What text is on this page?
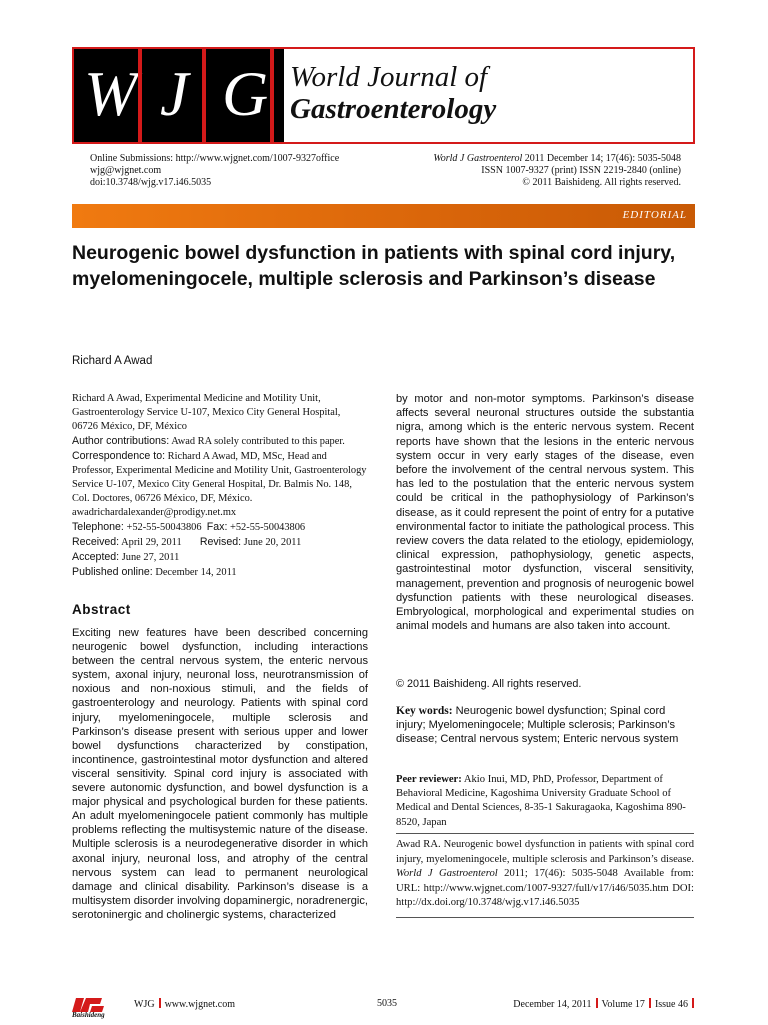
W J G World Journal of
Gastroenterology
Online Submissions: http://www.wjgnet.com/1007-9327office
wjg@wjgnet.com
doi:10.3748/wjg.v17.i46.5035
World J Gastroenterol 2011 December 14; 17(46): 5035-5048
ISSN 1007-9327 (print) ISSN 2219-2840 (online)
© 2011 Baishideng. All rights reserved.
EDITORIAL
Neurogenic bowel dysfunction in patients with spinal cord injury, myelomeningocele, multiple sclerosis and Parkinson’s disease
Richard A Awad

Richard A Awad, Experimental Medicine and Motility Unit, Gastroenterology Service U-107, Mexico City General Hospital, 06726 México, DF, México

Author contributions: Awad RA solely contributed to this paper.

Correspondence to: Richard A Awad, MD, MSc, Head and Professor, Experimental Medicine and Motility Unit, Gastroenterology Service U-107, Mexico City General Hospital, Dr. Balmis No. 148, Col. Doctores, 06726 México, DF, México. awadrichardalexander@prodigy.net.mx

Telephone: +52-55-50043806 Fax: +52-55-50043806

Received: April 29, 2011 Revised: June 20, 2011

Accepted: June 27, 2011

Published online: December 14, 2011

Abstract
Exciting new features have been described concerning neurogenic bowel dysfunction, including interactions between the central nervous system, the enteric nervous system, axonal injury, neuronal loss, neurotransmission of noxious and non-noxious stimuli, and the fields of gastroenterology and neurology. Patients with spinal cord injury, myelomeningocele, multiple sclerosis and Parkinson’s disease present with serious upper and lower bowel dysfunctions characterized by constipation, incontinence, gastrointestinal motor dysfunction and altered visceral sensitivity. Spinal cord injury is associated with severe autonomic dysfunction, and bowel dysfunction is a major physical and psychological burden for these patients. An adult myelomeningocele patient commonly has multiple problems reflecting the multisystemic nature of the disease. Multiple sclerosis is a neurodegenerative disorder in which axonal injury, neuronal loss, and atrophy of the central nervous system can lead to permanent neurological damage and clinical disability. Parkinson’s disease is a multisystem disorder involving dopaminergic, noradrenergic, serotoninergic and cholinergic systems, characterized
by motor and non-motor symptoms. Parkinson’s disease affects several neuronal structures outside the substantia nigra, among which is the enteric nervous system. Recent reports have shown that the lesions in the enteric nervous system occur in very early stages of the disease, even before the involvement of the central nervous system. This has led to the postulation that the enteric nervous system could be critical in the pathophysiology of Parkinson’s disease, as it could represent the point of entry for a putative environmental factor to initiate the pathological process. This review covers the data related to the etiology, epidemiology, clinical expression, pathophysiology, genetic aspects, gastrointestinal motor dysfunction, visceral sensitivity, management, prevention and prognosis of neurogenic bowel dysfunction patients with these neurological diseases. Embryological, morphological and experimental studies on animal models and humans are also taken into account.
© 2011 Baishideng. All rights reserved.
Key words: Neurogenic bowel dysfunction; Spinal cord injury; Myelomeningocele; Multiple sclerosis; Parkinson’s disease; Central nervous system; Enteric nervous system
Peer reviewer: Akio Inui, MD, PhD, Professor, Department of Behavioral Medicine, Kagoshima University Graduate School of Medical and Dental Sciences, 8-35-1 Sakuragaoka, Kagoshima 890-8520, Japan
Awad RA. Neurogenic bowel dysfunction in patients with spinal cord injury, myelomeningocele, multiple sclerosis and Parkinson’s disease. World J Gastroenterol 2011; 17(46): 5035-5048 Available from: URL: http://www.wjgnet.com/1007-9327/full/v17/i46/5035.htm DOI: http://dx.doi.org/10.3748/wjg.v17.i46.5035
Baishideng
WJG www.wjgnet.com	5035	December 14, 2011 Volume 17 Issue 46
